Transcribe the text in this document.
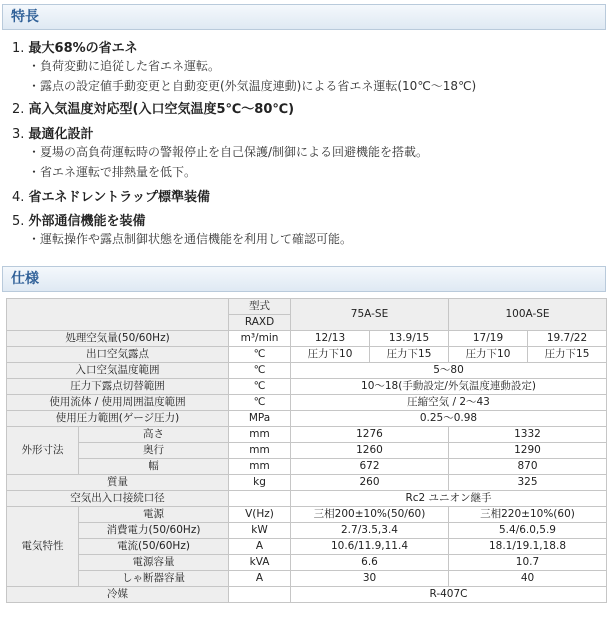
特長
1. 最大68%の省エネ
・負荷変動に追従した省エネ運転。
・露点の設定値手動変更と自動変更(外気温度連動)による省エネ運転(10℃〜18℃)
2. 高入気温度対応型(入口空気温度5℃〜80℃)
3. 最適化設計
・夏場の高負荷運転時の警報停止を自己保護/制御による回避機能を搭載。
・省エネ運転で排熱量を低下。
4. 省エネドレントラップ標準装備
5. 外部通信機能を装備
・運転操作や露点制御状態を通信機能を利用して確認可能。
仕様
		型式	75A-SE		100A-SE	
		RAXD				
処理空気量(50/60Hz)		m³/min	12/13	13.9/15	17/19	19.7/22
出口空気露点		℃	圧力下10	圧力下15	圧力下10	圧力下15
入口空気温度範囲		℃	5〜80			
圧力下露点切替範囲		℃	10〜18(手動設定/外気温度連動設定)			
使用流体 / 使用周囲温度範囲		℃	圧縮空気 / 2〜43			
使用圧力範囲(ゲージ圧力)		MPa	0.25〜0.98			
外形寸法	高さ	mm	1276		1332	
	奥行	mm	1260		1290	
	幅	mm	672		870	
質量		kg	260		325	
空気出入口接続口径			Rc2 ユニオン継手			
電気特性	電源	V(Hz)	三相200±10%(50/60)		三相220±10%(60)	
	消費電力(50/60Hz)	kW	2.7/3.5,3.4		5.4/6.0,5.9	
	電流(50/60Hz)	A	10.6/11.9,11.4		18.1/19.1,18.8	
	電源容量	kVA	6.6		10.7	
	しゃ断器容量	A	30		40	
冷媒			R-407C			
